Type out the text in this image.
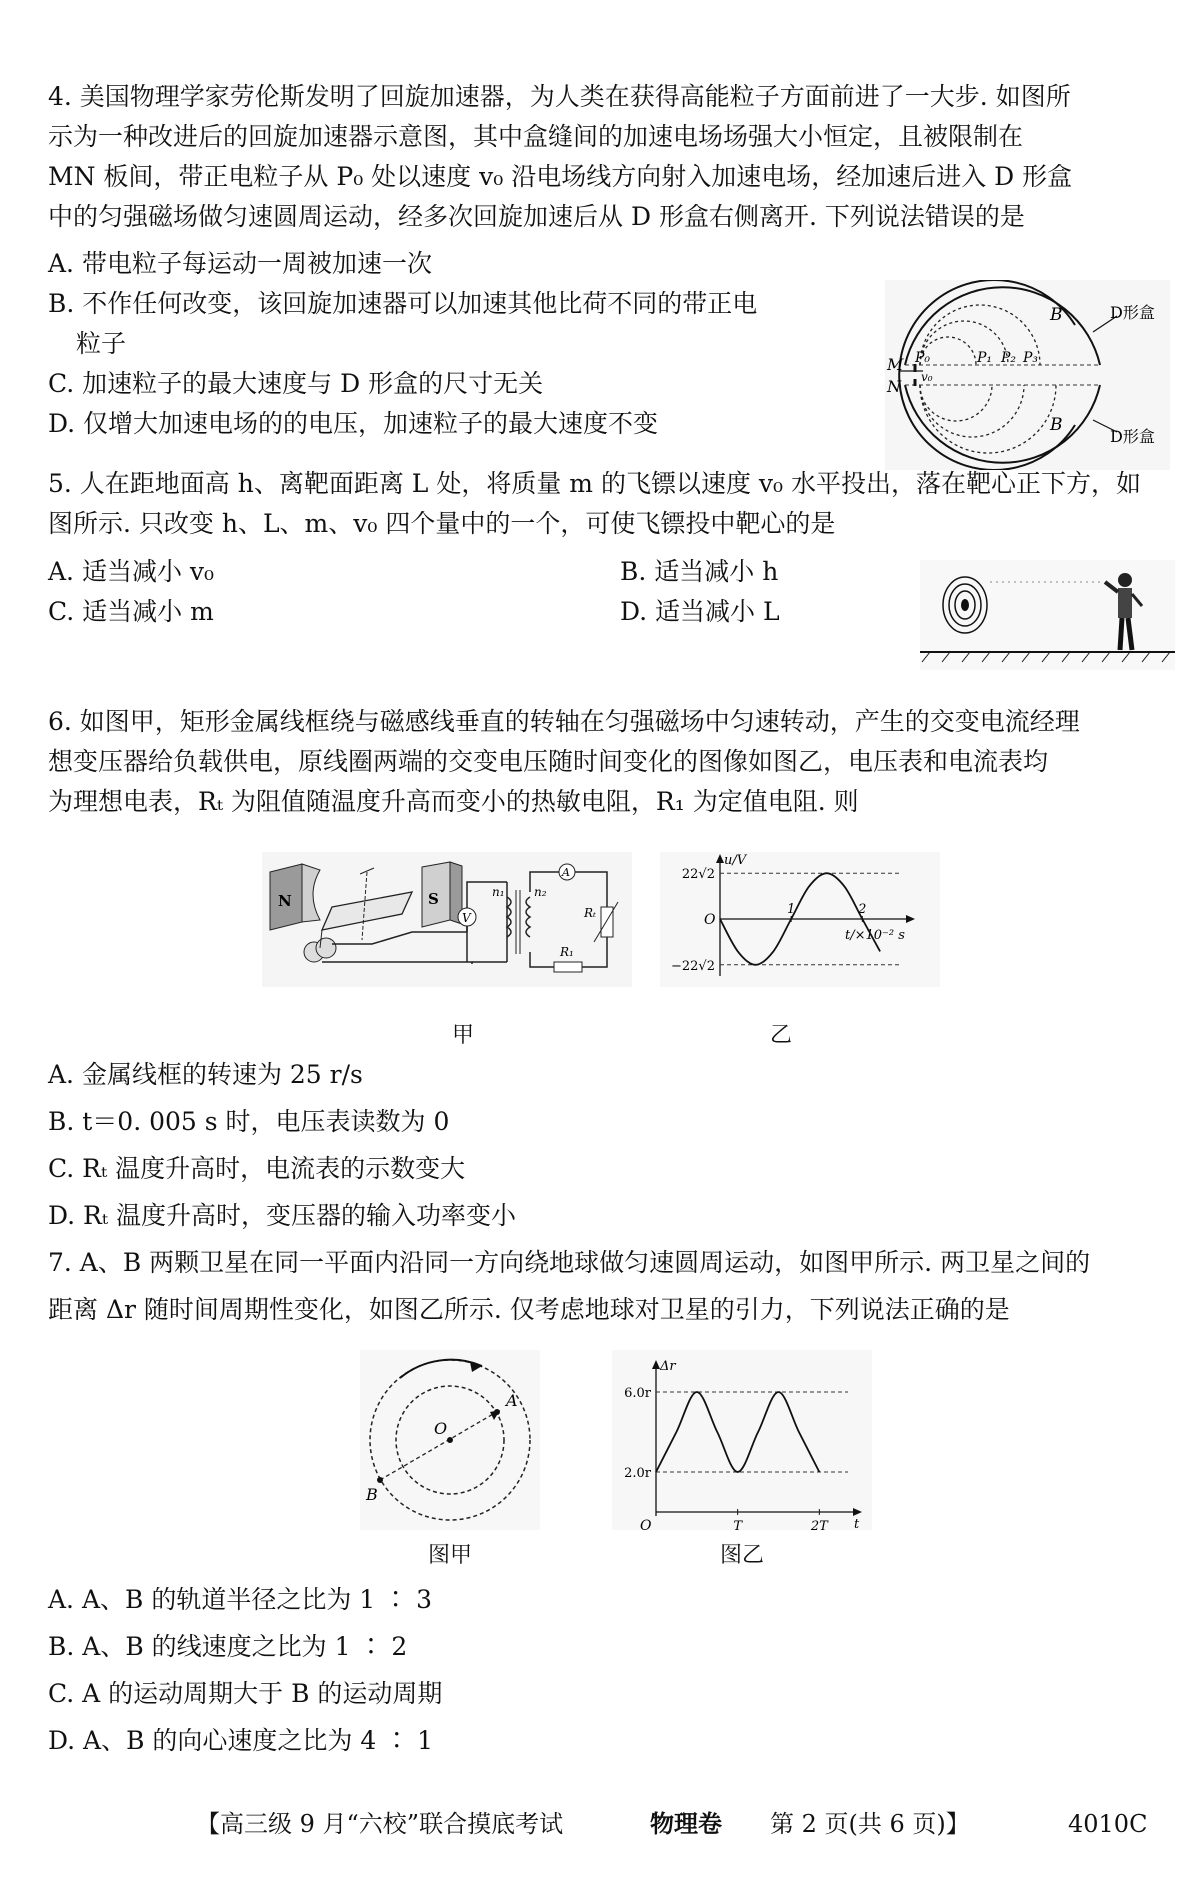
4. 美国物理学家劳伦斯发明了回旋加速器，为人类在获得高能粒子方面前进了一大步. 如图所
示为一种改进后的回旋加速器示意图，其中盒缝间的加速电场场强大小恒定，且被限制在
MN 板间，带正电粒子从 P₀ 处以速度 v₀ 沿电场线方向射入加速电场，经加速后进入 D 形盒
中的匀强磁场做匀速圆周运动，经多次回旋加速后从 D 形盒右侧离开. 下列说法错误的是
A. 带电粒子每运动一周被加速一次
B. 不作任何改变，该回旋加速器可以加速其他比荷不同的带正电
粒子
C. 加速粒子的最大速度与 D 形盒的尺寸无关
D. 仅增大加速电场的的电压，加速粒子的最大速度不变
M
N
P₀
v₀
P₁ P₂ P₃
B
B
D形盒
D形盒
5. 人在距地面高 h、离靶面距离 L 处，将质量 m 的飞镖以速度 v₀ 水平投出，落在靶心正下方，如
图所示. 只改变 h、L、m、v₀ 四个量中的一个，可使飞镖投中靶心的是
A. 适当减小 v₀	B. 适当减小 h
C. 适当减小 m	D. 适当减小 L
6. 如图甲，矩形金属线框绕与磁感线垂直的转轴在匀强磁场中匀速转动，产生的交变电流经理
想变压器给负载供电，原线圈两端的交变电压随时间变化的图像如图乙，电压表和电流表均
为理想电表，Rₜ 为阻值随温度升高而变小的热敏电阻，R₁ 为定值电阻. 则
N	S
V
n₁ n₂
A
Rₜ
R₁
u/V
t/×10⁻² s
O
22√2
−22√2
1	2
甲	乙
A. 金属线框的转速为 25 r/s
B. t＝0. 005 s 时，电压表读数为 0
C. Rₜ 温度升高时，电流表的示数变大
D. Rₜ 温度升高时，变压器的输入功率变小
7. A、B 两颗卫星在同一平面内沿同一方向绕地球做匀速圆周运动，如图甲所示. 两卫星之间的
距离 Δr 随时间周期性变化，如图乙所示. 仅考虑地球对卫星的引力，下列说法正确的是
O
A
B
Δr
t
O
6.0r
2.0r
T	2T
图甲	图乙
A. A、B 的轨道半径之比为 1 ∶ 3
B. A、B 的线速度之比为 1 ∶ 2
C. A 的运动周期大于 B 的运动周期
D. A、B 的向心速度之比为 4 ∶ 1
【高三级 9 月“六校”联合摸底考试	物理卷 第 2 页(共 6 页)】	4010C
